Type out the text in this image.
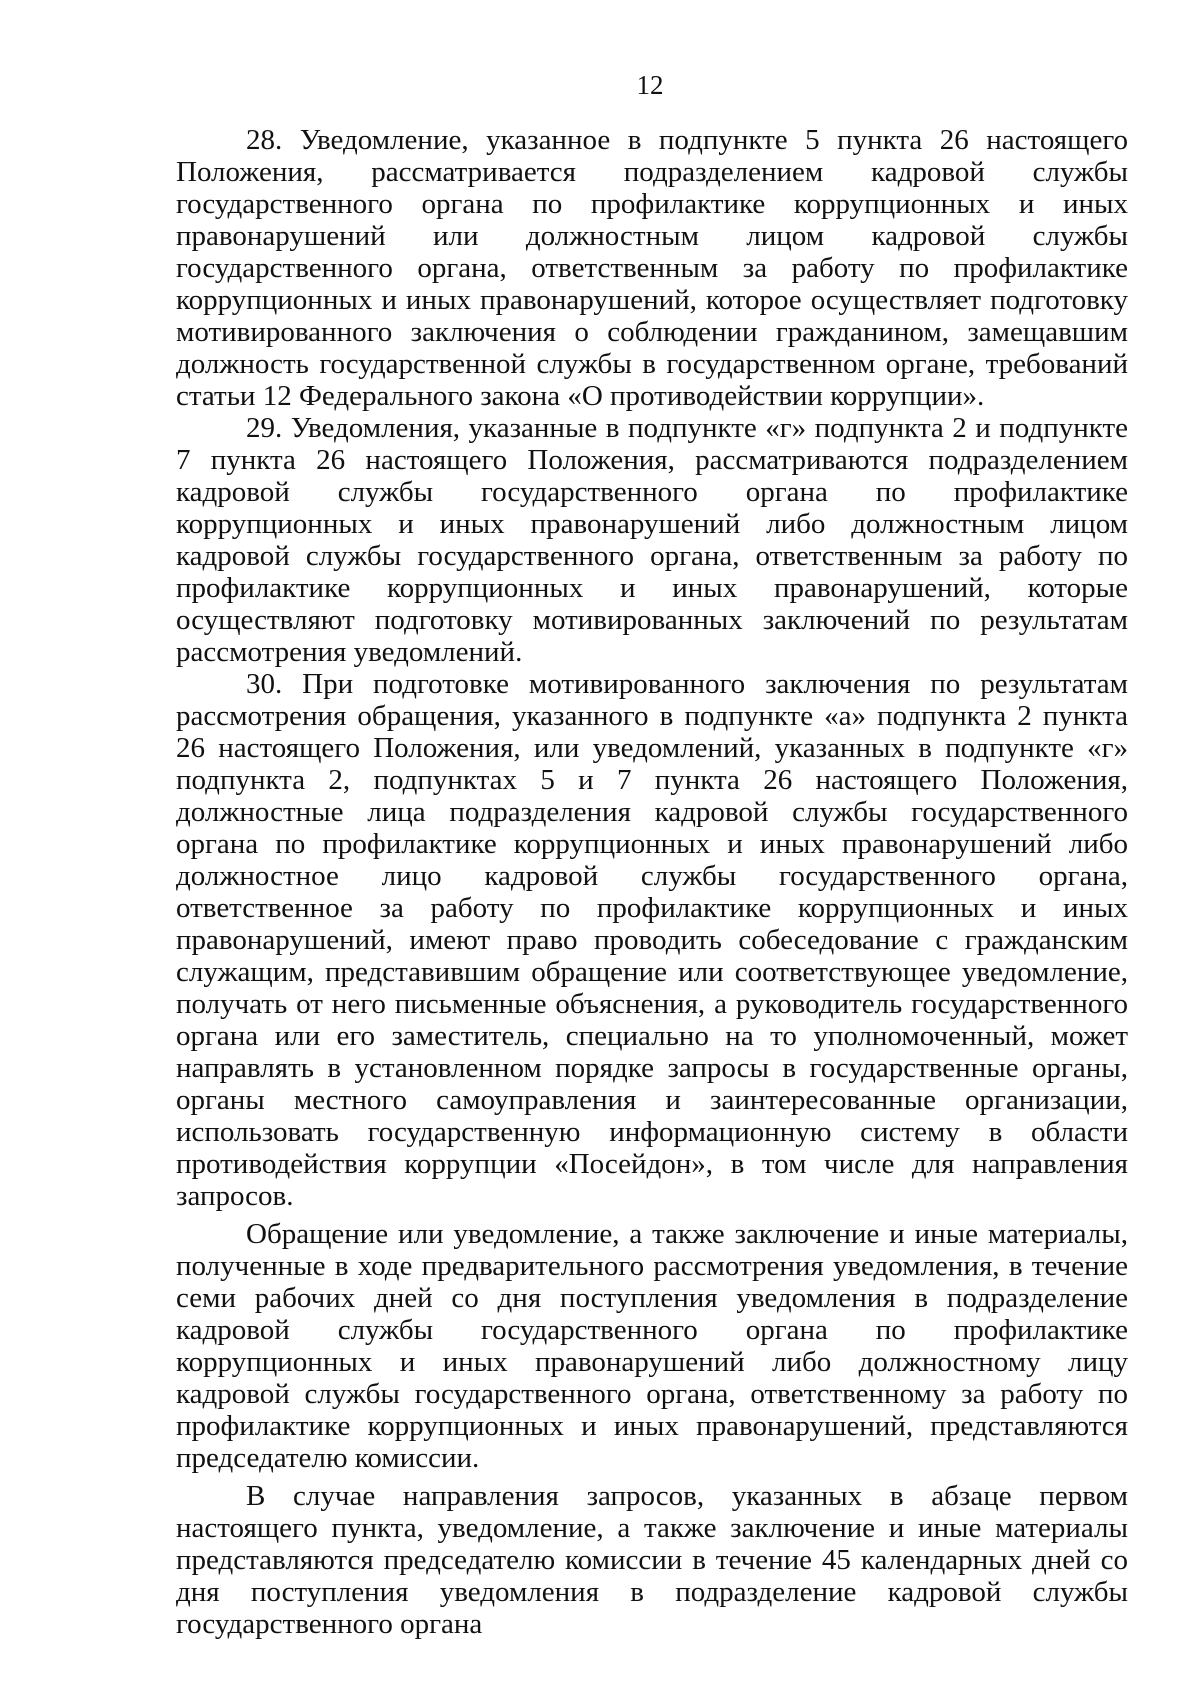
12

28. Уведомление, указанное в подпункте 5 пункта 26 настоящего Положения, рассматривается подразделением кадровой службы государственного органа по профилактике коррупционных и иных правонарушений или должностным лицом кадровой службы государственного органа, ответственным за работу по профилактике коррупционных и иных правонарушений, которое осуществляет подготовку мотивированного заключения о соблюдении гражданином, замещавшим должность государственной службы в государственном органе, требований статьи 12 Федерального закона «О противодействии коррупции».

29. Уведомления, указанные в подпункте «г» подпункта 2 и подпункте 7 пункта 26 настоящего Положения, рассматриваются подразделением кадровой службы государственного органа по профилактике коррупционных и иных правонарушений либо должностным лицом кадровой службы государственного органа, ответственным за работу по профилактике коррупционных и иных правонарушений, которые осуществляют подготовку мотивированных заключений по результатам рассмотрения уведомлений.

30. При подготовке мотивированного заключения по результатам рассмотрения обращения, указанного в подпункте «а» подпункта 2 пункта 26 настоящего Положения, или уведомлений, указанных в подпункте «г» подпункта 2, подпунктах 5 и 7 пункта 26 настоящего Положения, должностные лица подразделения кадровой службы государственного органа по профилактике коррупционных и иных правонарушений либо должностное лицо кадровой службы государственного органа, ответственное за работу по профилактике коррупционных и иных правонарушений, имеют право проводить собеседование с гражданским служащим, представившим обращение или соответствующее уведомление, получать от него письменные объяснения, а руководитель государственного органа или его заместитель, специально на то уполномоченный, может направлять в установленном порядке запросы в государственные органы, органы местного самоуправления и заинтересованные организации, использовать государственную информационную систему в области противодействия коррупции «Посейдон», в том числе для направления запросов.

Обращение или уведомление, а также заключение и иные материалы, полученные в ходе предварительного рассмотрения уведомления, в течение семи рабочих дней со дня поступления уведомления в подразделение кадровой службы государственного органа по профилактике коррупционных и иных правонарушений либо должностному лицу кадровой службы государственного органа, ответственному за работу по профилактике коррупционных и иных правонарушений, представляются председателю комиссии.

В случае направления запросов, указанных в абзаце первом настоящего пункта, уведомление, а также заключение и иные материалы представляются председателю комиссии в течение 45 календарных дней со дня поступления уведомления в подразделение кадровой службы государственного органа
